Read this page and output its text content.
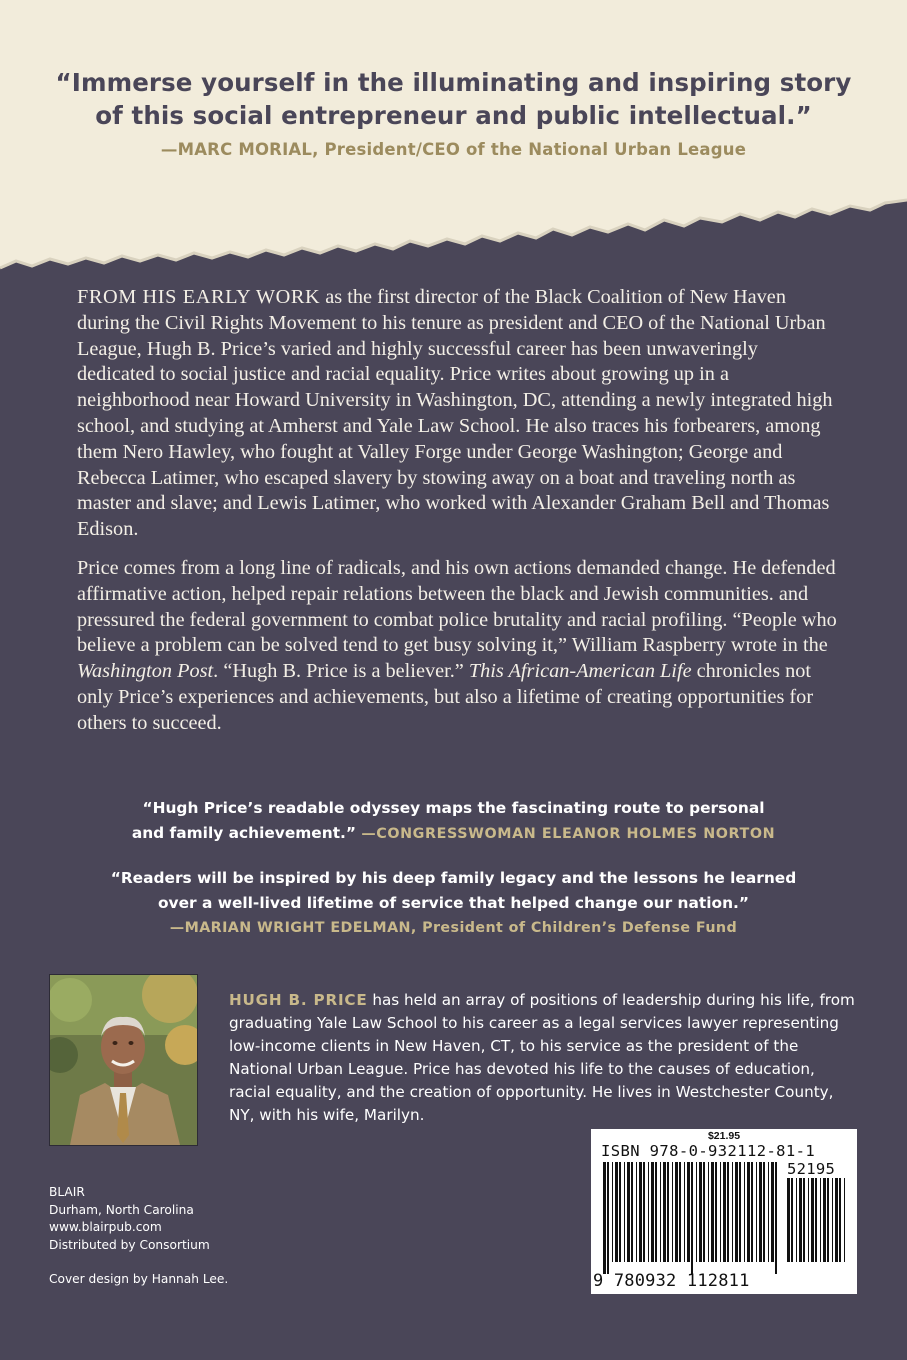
“Immerse yourself in the illuminating and inspiring story
of this social entrepreneur and public intellectual.”
—MARC MORIAL, President/CEO of the National Urban League

FROM HIS EARLY WORK as the first director of the Black Coalition of New Haven during the Civil Rights Movement to his tenure as president and CEO of the National Urban League, Hugh B. Price’s varied and highly successful career has been unwaveringly dedicated to social justice and racial equality. Price writes about growing up in a neighborhood near Howard University in Washington, DC, attending a newly integrated high school, and studying at Amherst and Yale Law School. He also traces his forbearers, among them Nero Hawley, who fought at Valley Forge under George Washington; George and Rebecca Latimer, who escaped slavery by stowing away on a boat and traveling north as master and slave; and Lewis Latimer, who worked with Alexander Graham Bell and Thomas Edison.

Price comes from a long line of radicals, and his own actions demanded change. He defended affirmative action, helped repair relations between the black and Jewish communities. and pressured the federal government to combat police brutality and racial profiling. “People who believe a problem can be solved tend to get busy solving it,” William Raspberry wrote in the Washington Post. “Hugh B. Price is a believer.” This African-American Life chronicles not only Price’s experiences and achievements, but also a lifetime of creating opportunities for others to succeed.

“Hugh Price’s readable odyssey maps the fascinating route to personal
and family achievement.” —CONGRESSWOMAN ELEANOR HOLMES NORTON
“Readers will be inspired by his deep family legacy and the lessons he learned
over a well-lived lifetime of service that helped change our nation.”
—MARIAN WRIGHT EDELMAN, President of Children’s Defense Fund
HUGH B. PRICE has held an array of positions of leadership during his life, from graduating Yale Law School to his career as a legal services lawyer representing low-income clients in New Haven, CT, to his service as the president of the National Urban League. Price has devoted his life to the causes of education, racial equality, and the creation of opportunity. He lives in Westchester County, NY, with his wife, Marilyn.
BLAIR
Durham, North Carolina
www.blairpub.com
Distributed by Consortium
Cover design by Hannah Lee.
$21.95
ISBN 978-0-932112-81-1
52195
9 780932 112811
